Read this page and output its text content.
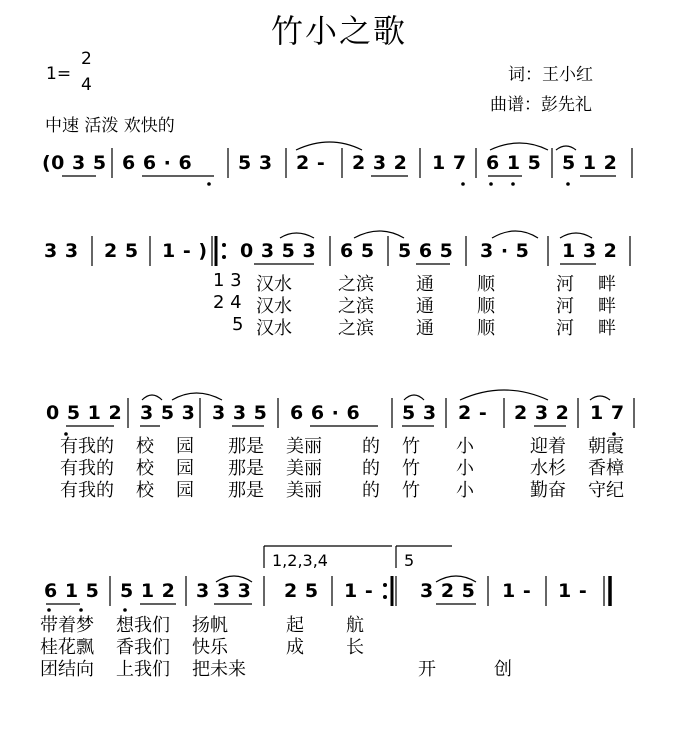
竹小之歌
1=
2
4	词：王小红
曲谱：彭先礼
中速 活泼 欢快的
(0 3 5 6 6 · 6 5 3 2 - 2 3 2 1 7 6 1 5 5 1 2
3 3 2 5 1 - ) 0 3 5 3 6 5 5 6 5 3 · 5 1 3 2
1 3 汉水	之滨 通 顺	河 畔
2 4 汉水	之滨 通 顺	河 畔
5 汉水	之滨 通 顺	河 畔
0 5 1 2 3 5 3 3 3 5 6 6 · 6 5 3 2 - 2 3 2 1 7
有我的 校 园 那是 美丽 的 竹 小	迎着 朝霞
有我的 校 园 那是 美丽 的 竹 小	水杉 香樟
有我的 校 园 那是 美丽 的 竹 小	勤奋 守纪
1,2,3,4	5
6 1 5 5 1 2 3 3 3 2 5 1 - 3 2 5 1 - 1 -
带着梦 想我们 扬帆	起 航
桂花飘 香我们 快乐	成 长
团结向 上我们 把未来	开	创
